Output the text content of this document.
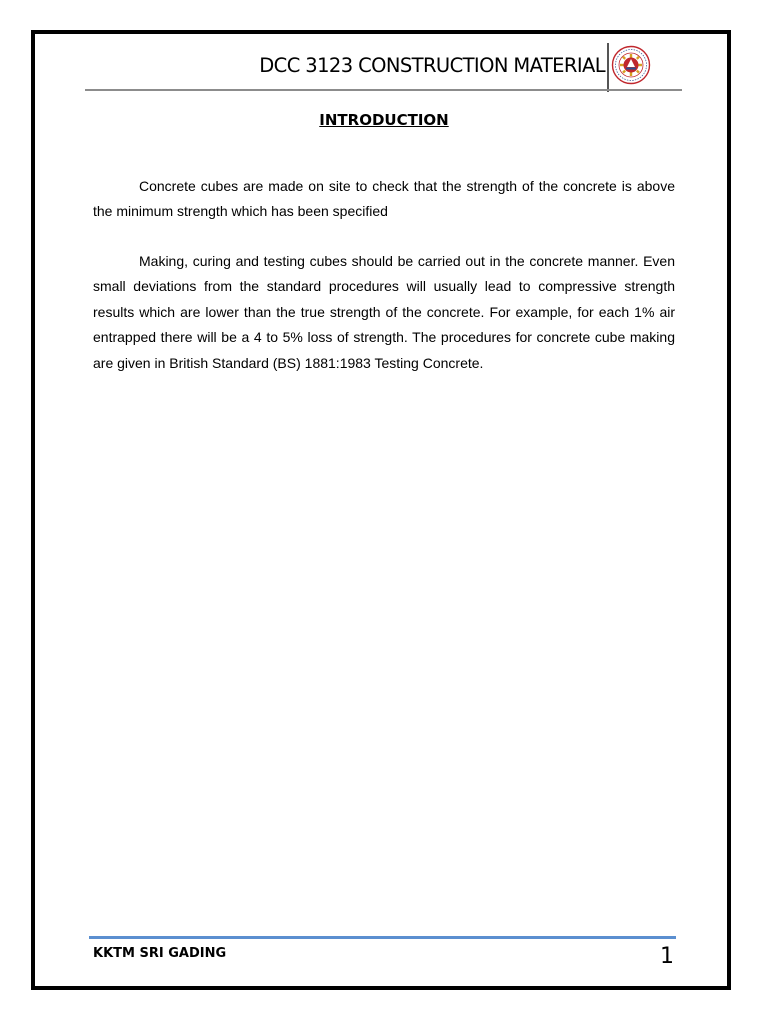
DCC 3123 CONSTRUCTION MATERIAL
INTRODUCTION

Concrete cubes are made on site to check that the strength of the concrete is above the minimum strength which has been specified

Making, curing and testing cubes should be carried out in the concrete manner. Even small deviations from the standard procedures will usually lead to compressive strength results which are lower than the true strength of the concrete. For example, for each 1% air entrapped there will be a 4 to 5% loss of strength. The procedures for concrete cube making are given in British Standard (BS) 1881:1983 Testing Concrete.

KKTM SRI GADING	1
